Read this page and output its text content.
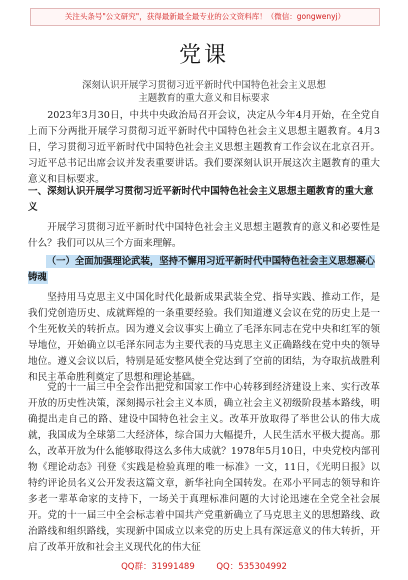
关注头条号"公文研究"，获得最新最全最专业的公文资料库！（微信：gongwenyj）
党课
深刻认识开展学习贯彻习近平新时代中国特色社会主义思想
主题教育的重大意义和目标要求

2023年3月30日，中共中央政治局召开会议，决定从今年4月开始，在全党自上而下分两批开展学习贯彻习近平新时代中国特色社会主义思想主题教育。4月3日，学习贯彻习近平新时代中国特色社会主义思想主题教育工作会议在北京召开。习近平总书记出席会议并发表重要讲话。我们要深刻认识开展这次主题教育的重大意义和目标要求。

一、深刻认识开展学习贯彻习近平新时代中国特色社会主义思想主题教育的重大意义

开展学习贯彻习近平新时代中国特色社会主义思想主题教育的意义和必要性是什么？我们可以从三个方面来理解。

（一）全面加强理论武装，坚持不懈用习近平新时代中国特色社会主义思想凝心铸魂

坚持用马克思主义中国化时代化最新成果武装全党、指导实践、推动工作，是我们党创造历史、成就辉煌的一条重要经验。我们知道遵义会议在党的历史上是一个生死攸关的转折点。因为遵义会议事实上确立了毛泽东同志在党中央和红军的领导地位，开始确立以毛泽东同志为主要代表的马克思主义正确路线在党中央的领导地位。遵义会议以后，特别是延安整风使全党达到了空前的团结，为夺取抗战胜利和民主革命胜利奠定了思想和理论基础。

党的十一届三中全会作出把党和国家工作中心转移到经济建设上来、实行改革开放的历史性决策，深刻揭示社会主义本质，确立社会主义初级阶段基本路线，明确提出走自己的路、建设中国特色社会主义。改革开放取得了举世公认的伟大成就，我国成为全球第二大经济体，综合国力大幅提升，人民生活水平极大提高。那么，改革开放为什么能够取得这么多伟大成就？1978年5月10日，中央党校内部刊物《理论动态》刊登《实践是检验真理的唯一标准》一文，11日，《光明日报》以特约评论员名义公开发表这篇文章，新华社向全国转发。在邓小平同志的领导和许多老一辈革命家的支持下，一场关于真理标准问题的大讨论迅速在全党全社会展开。党的十一届三中全会标志着中国共产党重新确立了马克思主义的思想路线、政治路线和组织路线，实现新中国成立以来党的历史上具有深远意义的伟大转折，开启了改革开放和社会主义现代化的伟大征

QQ群：31991489        QQ：535304992
